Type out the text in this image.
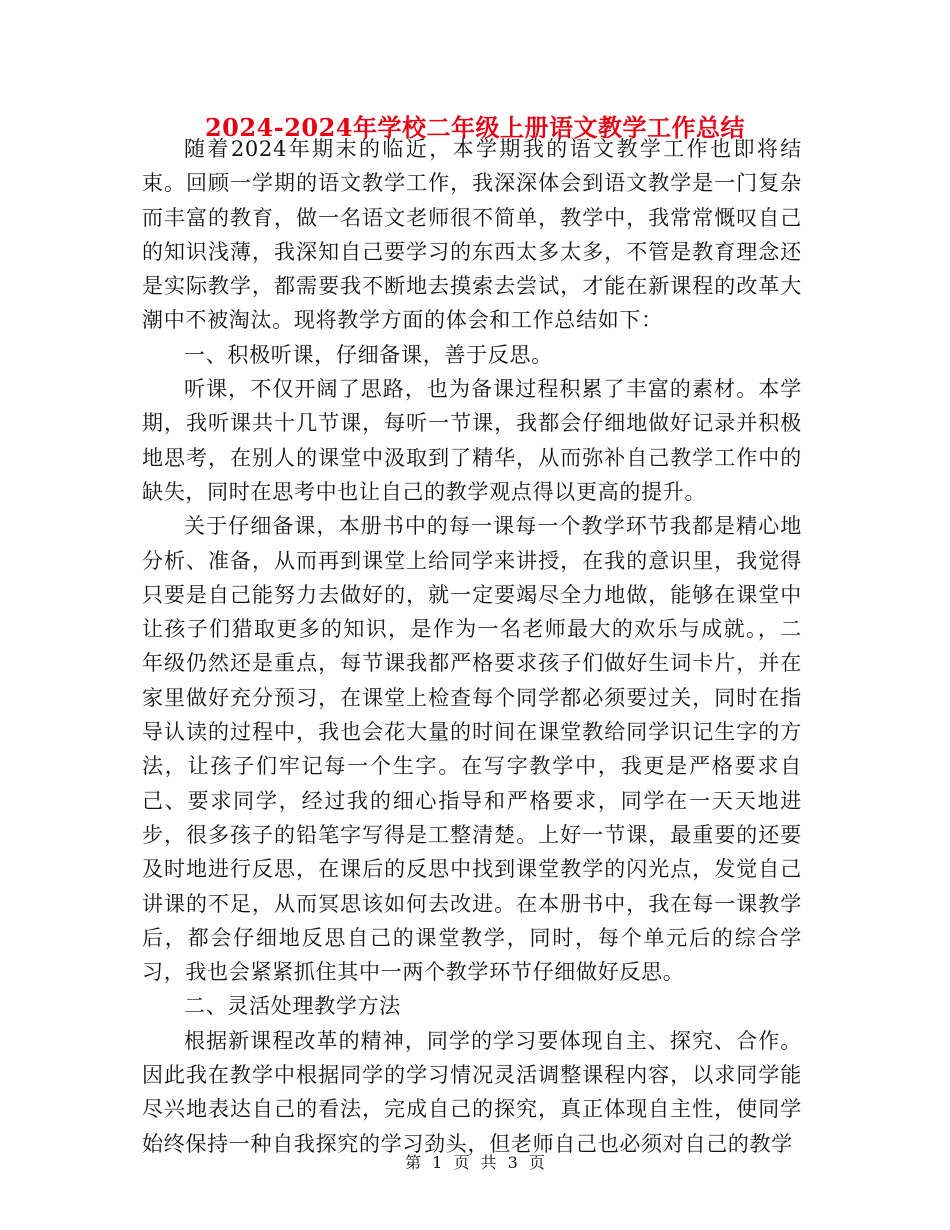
2024-2024年学校二年级上册语文教学工作总结

随着2024年期末的临近，本学期我的语文教学工作也即将结束。回顾一学期的语文教学工作，我深深体会到语文教学是一门复杂而丰富的教育，做一名语文老师很不简单，教学中，我常常慨叹自己的知识浅薄，我深知自己要学习的东西太多太多，不管是教育理念还是实际教学，都需要我不断地去摸索去尝试，才能在新课程的改革大潮中不被淘汰。现将教学方面的体会和工作总结如下：

一、积极听课，仔细备课，善于反思。

听课，不仅开阔了思路，也为备课过程积累了丰富的素材。本学期，我听课共十几节课，每听一节课，我都会仔细地做好记录并积极地思考，在别人的课堂中汲取到了精华，从而弥补自己教学工作中的缺失，同时在思考中也让自己的教学观点得以更高的提升。

关于仔细备课，本册书中的每一课每一个教学环节我都是精心地分析、准备，从而再到课堂上给同学来讲授，在我的意识里，我觉得只要是自己能努力去做好的，就一定要竭尽全力地做，能够在课堂中让孩子们猎取更多的知识，是作为一名老师最大的欢乐与成就。，二年级仍然还是重点，每节课我都严格要求孩子们做好生词卡片，并在家里做好充分预习，在课堂上检查每个同学都必须要过关，同时在指导认读的过程中，我也会花大量的时间在课堂教给同学识记生字的方法，让孩子们牢记每一个生字。在写字教学中，我更是严格要求自己、要求同学，经过我的细心指导和严格要求，同学在一天天地进步，很多孩子的铅笔字写得是工整清楚。上好一节课，最重要的还要及时地进行反思，在课后的反思中找到课堂教学的闪光点，发觉自己讲课的不足，从而冥思该如何去改进。在本册书中，我在每一课教学后，都会仔细地反思自己的课堂教学，同时，每个单元后的综合学习，我也会紧紧抓住其中一两个教学环节仔细做好反思。

二、灵活处理教学方法

根据新课程改革的精神，同学的学习要体现自主、探究、合作。因此我在教学中根据同学的学习情况灵活调整课程内容，以求同学能尽兴地表达自己的看法，完成自己的探究，真正体现自主性，使同学始终保持一种自我探究的学习劲头，但老师自己也必须对自己的教学

第 1 页 共 3 页
